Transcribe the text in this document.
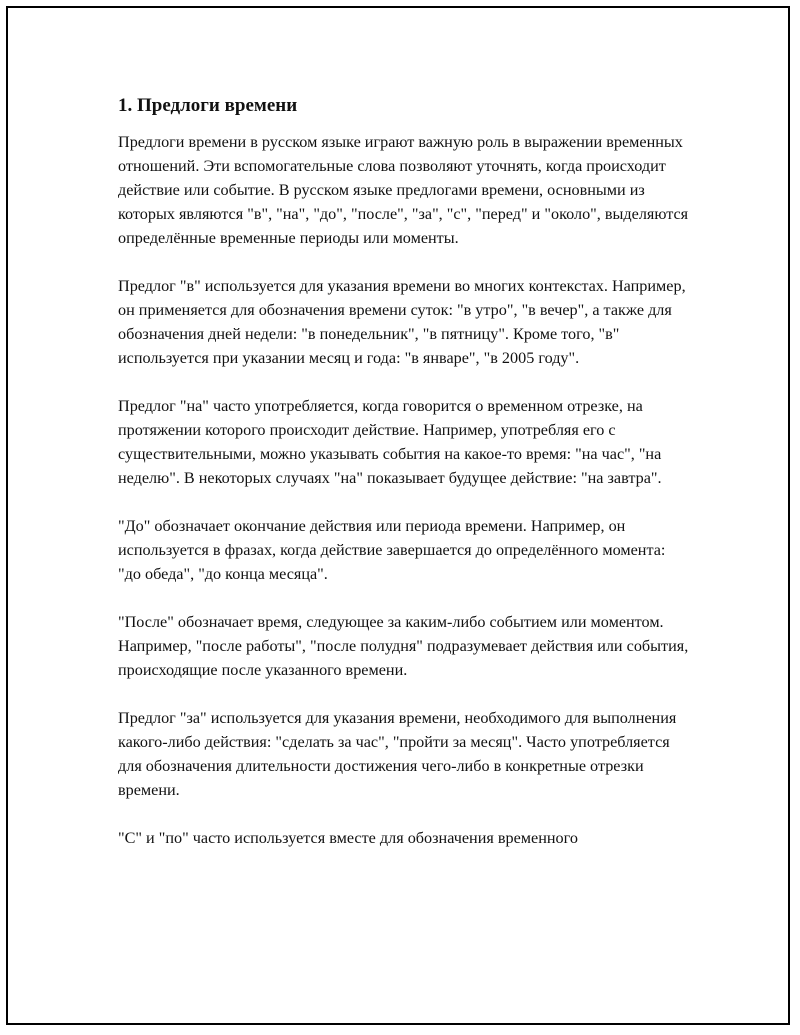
1. Предлоги времени

Предлоги времени в русском языке играют важную роль в выражении временных отношений. Эти вспомогательные слова позволяют уточнять, когда происходит действие или событие. В русском языке предлогами времени, основными из которых являются "в", "на", "до", "после", "за", "с", "перед" и "около", выделяются определённые временные периоды или моменты.

Предлог "в" используется для указания времени во многих контекстах. Например, он применяется для обозначения времени суток: "в утро", "в вечер", а также для обозначения дней недели: "в понедельник", "в пятницу". Кроме того, "в" используется при указании месяц и года: "в январе", "в 2005 году".

Предлог "на" часто употребляется, когда говорится о временном отрезке, на протяжении которого происходит действие. Например, употребляя его с существительными, можно указывать события на какое-то время: "на час", "на неделю". В некоторых случаях "на" показывает будущее действие: "на завтра".

"До" обозначает окончание действия или периода времени. Например, он используется в фразах, когда действие завершается до определённого момента: "до обеда", "до конца месяца".

"После" обозначает время, следующее за каким-либо событием или моментом. Например, "после работы", "после полудня" подразумевает действия или события, происходящие после указанного времени.

Предлог "за" используется для указания времени, необходимого для выполнения какого-либо действия: "сделать за час", "пройти за месяц". Часто употребляется для обозначения длительности достижения чего-либо в конкретные отрезки времени.

"С" и "по" часто используется вместе для обозначения временного
